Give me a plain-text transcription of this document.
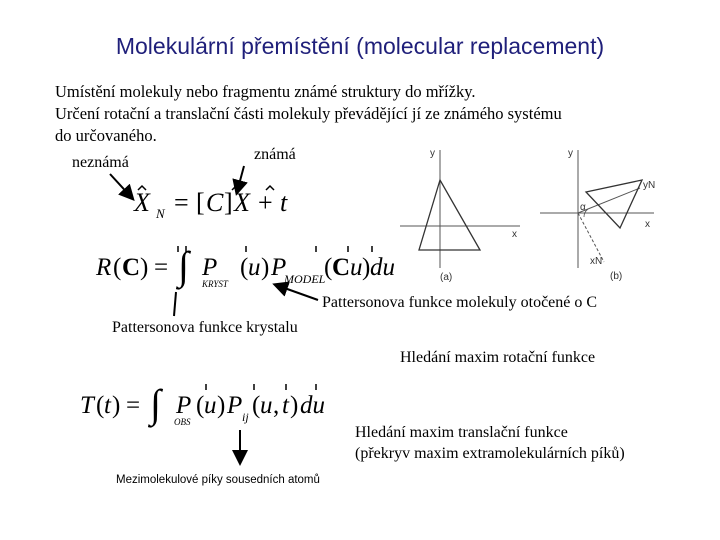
Molekulární přemístění (molecular replacement)
Umístění molekuly nebo fragmentu známé struktury do mřížky.
Určení rotační a translační části molekuly převádějící jí ze známého systému
do určovaného.
neznámá	známá
X N = [ C ] X + t
R ( C ) = ∫ P
KRYST
( u ) P
MODEL
( C u ) du
Pattersonova funkce molekuly otočené o C
Pattersonova funkce krystalu
Hledání maxim rotační funkce
T ( t ) = ∫ P
OBS
( u ) P ij ( u , t ) du
Hledání maxim translační funkce
(překryv maxim extramolekulárních píků)
Mezimolekulové píky sousedních atomů
y
x
(a)
y
x
yN
xN
α
(b)
